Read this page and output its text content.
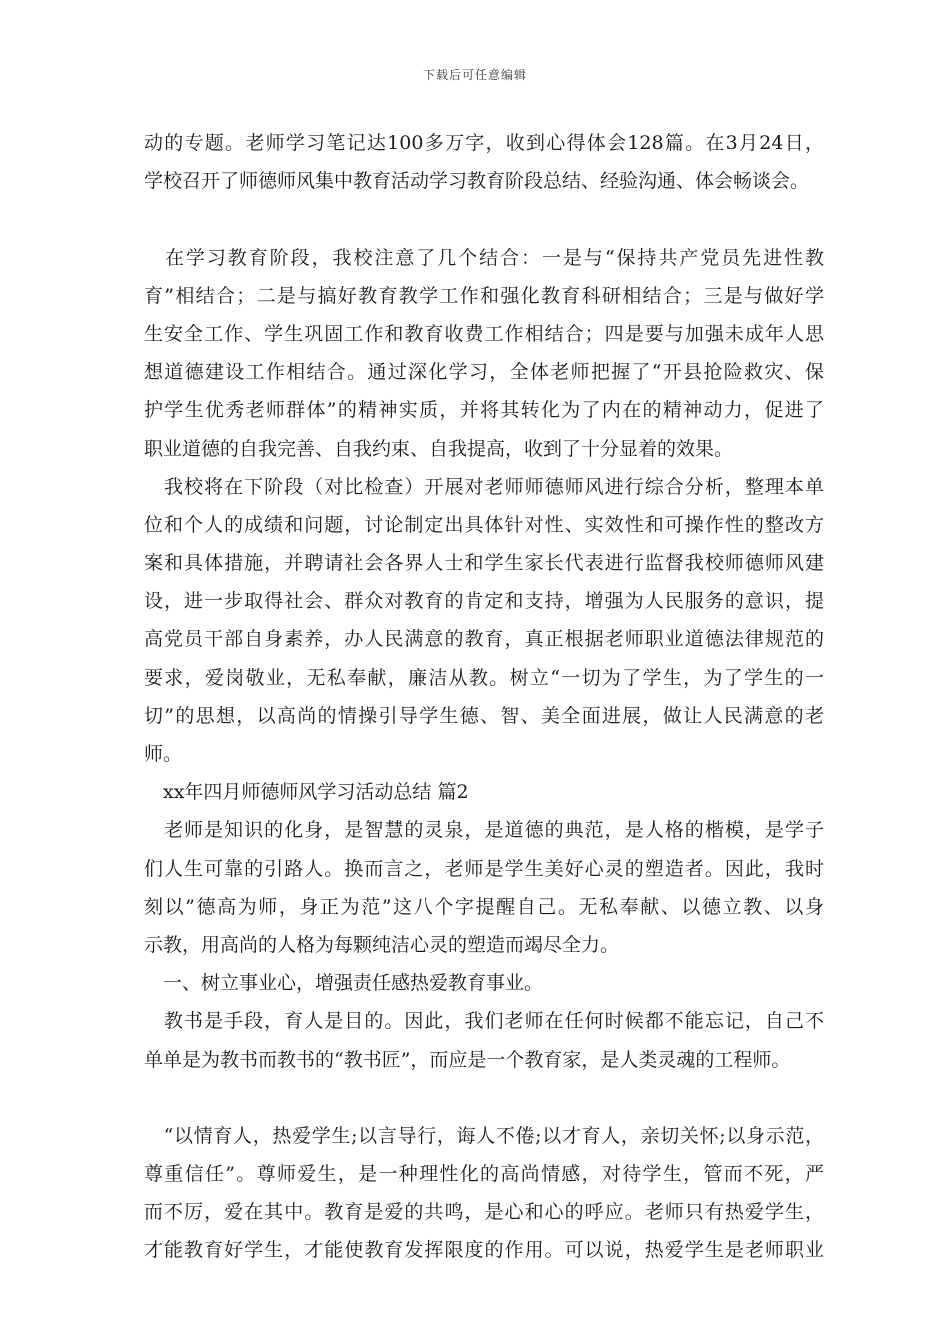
下载后可任意编辑
动的专题。老师学习笔记达100多万字，收到心得体会128篇。在3月24日，
学校召开了师德师风集中教育活动学习教育阶段总结、经验沟通、体会畅谈会。
　在学习教育阶段，我校注意了几个结合：一是与“保持共产党员先进性教
育”相结合；二是与搞好教育教学工作和强化教育科研相结合；三是与做好学
生安全工作、学生巩固工作和教育收费工作相结合；四是要与加强未成年人思
想道德建设工作相结合。通过深化学习，全体老师把握了“开县抢险救灾、保
护学生优秀老师群体”的精神实质，并将其转化为了内在的精神动力，促进了
职业道德的自我完善、自我约束、自我提高，收到了十分显着的效果。
　我校将在下阶段（对比检查）开展对老师师德师风进行综合分析，整理本单
位和个人的成绩和问题，讨论制定出具体针对性、实效性和可操作性的整改方
案和具体措施，并聘请社会各界人士和学生家长代表进行监督我校师德师风建
设，进一步取得社会、群众对教育的肯定和支持，增强为人民服务的意识，提
高党员干部自身素养，办人民满意的教育，真正根据老师职业道德法律规范的
要求，爱岗敬业，无私奉献，廉洁从教。树立“一切为了学生，为了学生的一
切”的思想，以高尚的情操引导学生德、智、美全面进展，做让人民满意的老
师。
　xx年四月师德师风学习活动总结 篇2
　老师是知识的化身，是智慧的灵泉，是道德的典范，是人格的楷模，是学子
们人生可靠的引路人。换而言之，老师是学生美好心灵的塑造者。因此，我时
刻以”德高为师，身正为范”这八个字提醒自己。无私奉献、以德立教、以身
示教，用高尚的人格为每颗纯洁心灵的塑造而竭尽全力。
　一、树立事业心，增强责任感热爱教育事业。
　教书是手段，育人是目的。因此，我们老师在任何时候都不能忘记，自己不
单单是为教书而教书的“教书匠”，而应是一个教育家，是人类灵魂的工程师。
　“以情育人，热爱学生;以言导行，诲人不倦;以才育人，亲切关怀;以身示范，
尊重信任”。尊师爱生，是一种理性化的高尚情感，对待学生，管而不死，严
而不厉，爱在其中。教育是爱的共鸣，是心和心的呼应。老师只有热爱学生，
才能教育好学生，才能使教育发挥限度的作用。可以说，热爱学生是老师职业
